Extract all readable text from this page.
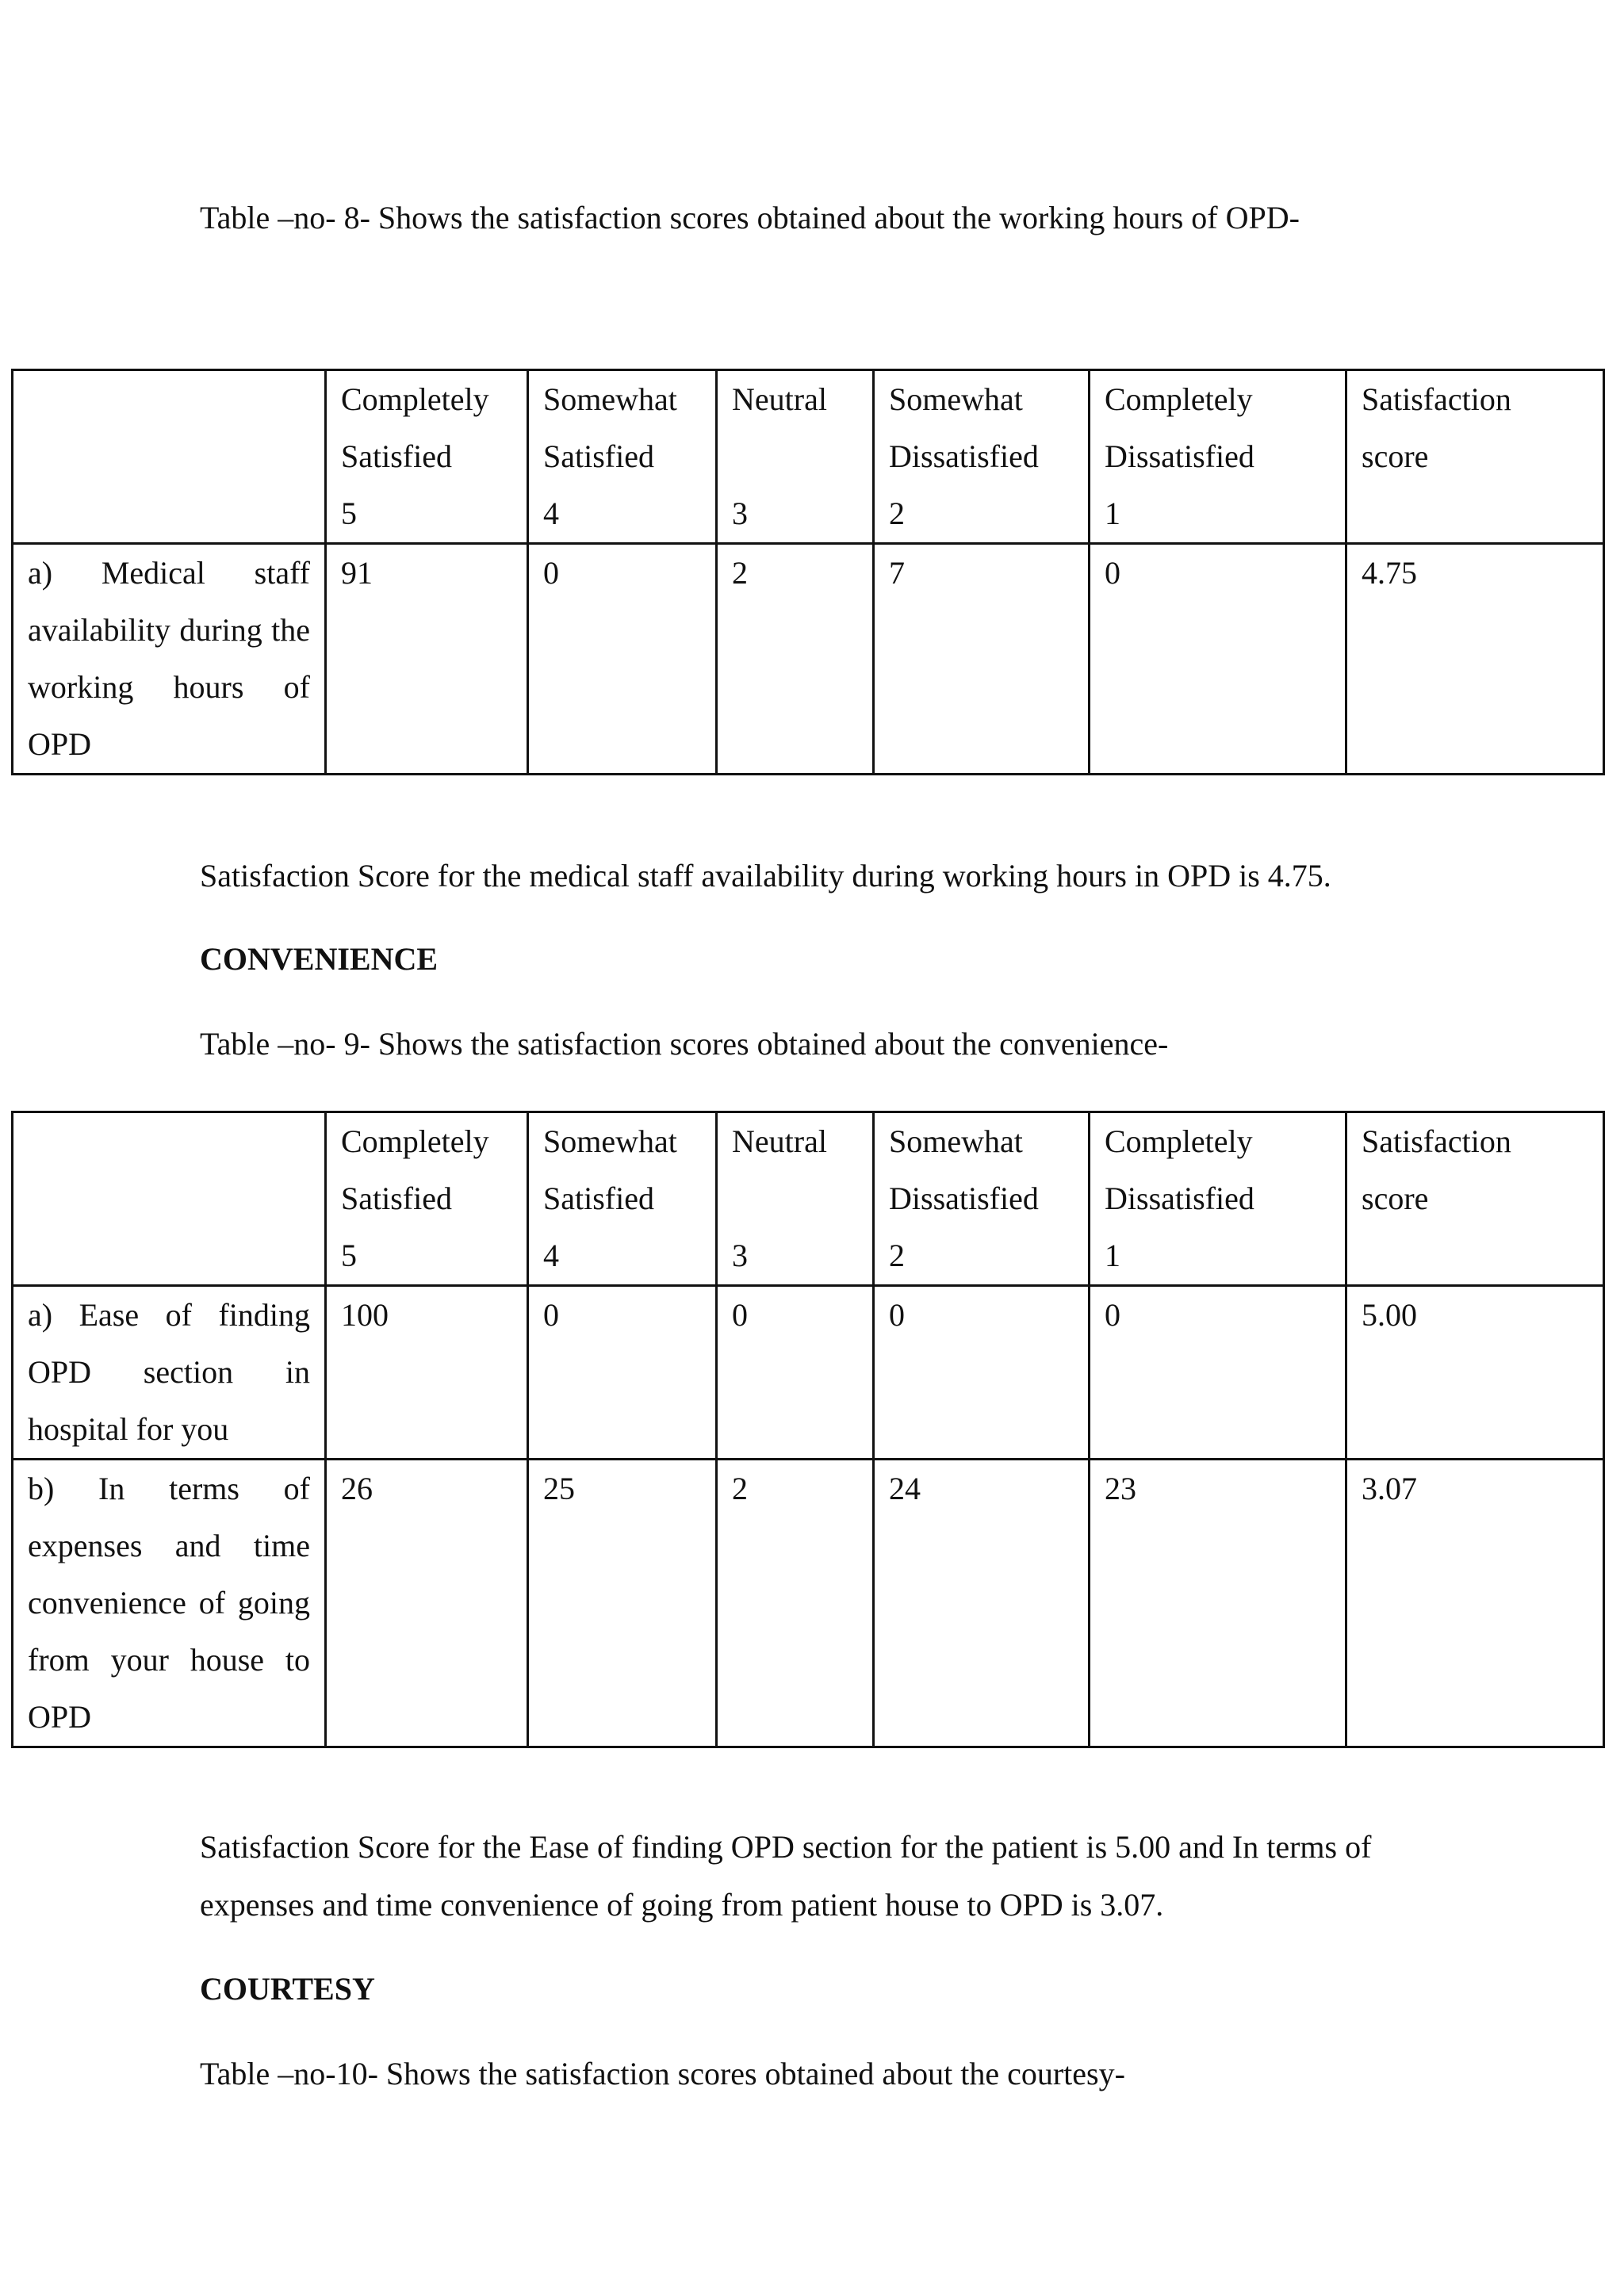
Table –no- 8- Shows the satisfaction scores obtained about the working hours of OPD-

	Completely
Satisfied
5	Somewhat
Satisfied
4	Neutral

3	Somewhat
Dissatisfied
2	Completely
Dissatisfied
1	Satisfaction
score

a) Medical staff availability during the working hours of OPD	91	0	2	7	0	4.75

Satisfaction Score for the medical staff availability during working hours in OPD is 4.75.

CONVENIENCE

Table –no- 9- Shows the satisfaction scores obtained about the convenience-

	Completely
Satisfied
5	Somewhat
Satisfied
4	Neutral

3	Somewhat
Dissatisfied
2	Completely
Dissatisfied
1	Satisfaction
score

a) Ease of finding OPD section in hospital for you	100	0	0	0	0	5.00
b) In terms of expenses and time convenience of going from your house to OPD	26	25	2	24	23	3.07
Satisfaction Score for the Ease of finding OPD section for the patient is 5.00 and In terms of
expenses and time convenience of going from patient house to OPD is 3.07.

COURTESY

Table –no-10- Shows the satisfaction scores obtained about the courtesy-
